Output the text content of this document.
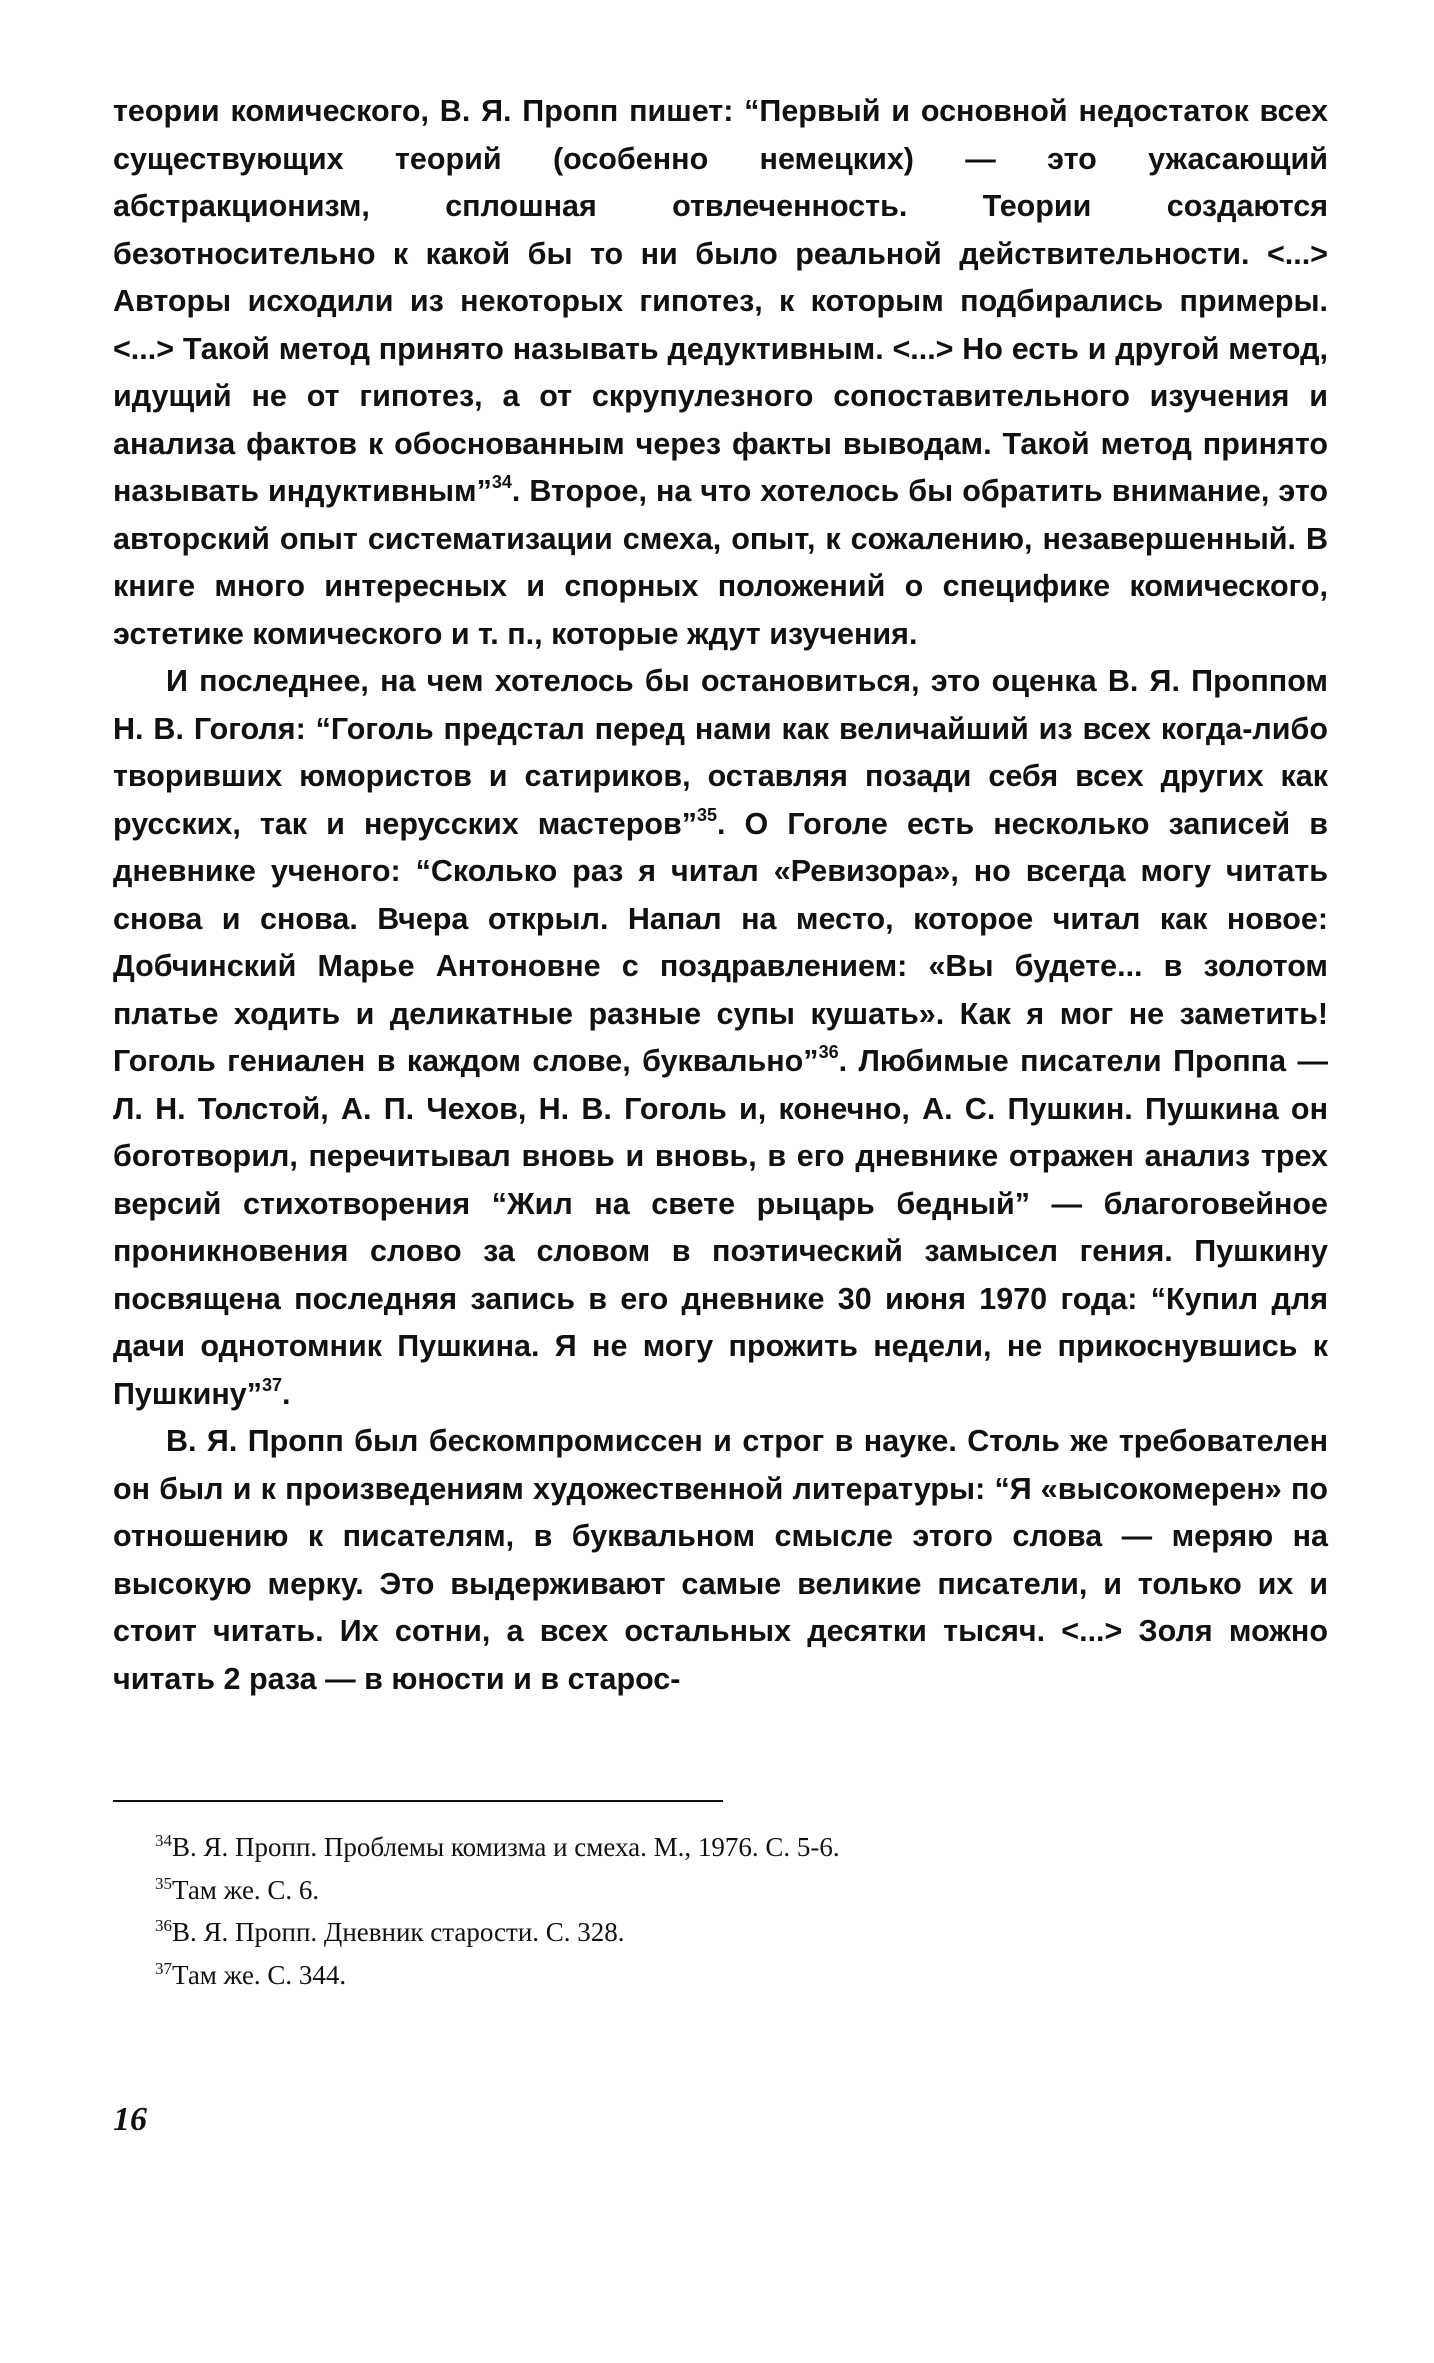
теории комического, В. Я. Пропп пишет: “Первый и основной недостаток всех существующих теорий (особенно немецких) — это ужасающий абстракционизм, сплошная отвлеченность. Теории создаются безотносительно к какой бы то ни было реальной действительности. <...> Авторы исходили из некоторых гипотез, к которым подбирались примеры. <...> Такой метод принято называть дедуктивным. <...> Но есть и другой метод, идущий не от гипотез, а от скрупулезного сопоставительного изучения и анализа фактов к обоснованным через факты выводам. Такой метод принято называть индуктивным”$^{34}$. Второе, на что хотелось бы обратить внимание, это авторский опыт систематизации смеха, опыт, к сожалению, незавершенный. В книге много интересных и спорных положений о специфике комического, эстетике комического и т. п., которые ждут изучения.

И последнее, на чем хотелось бы остановиться, это оценка В. Я. Проппом Н. В. Гоголя: “Гоголь предстал перед нами как величайший из всех когда-либо творивших юмористов и сатириков, оставляя позади себя всех других как русских, так и нерусских мастеров”$^{35}$. О Гоголе есть несколько записей в дневнике ученого: “Сколько раз я читал «Ревизора», но всегда могу читать снова и снова. Вчера открыл. Напал на место, которое читал как новое: Добчинский Марье Антоновне с поздравлением: «Вы будете... в золотом платье ходить и деликатные разные супы кушать». Как я мог не заметить! Гоголь гениален в каждом слове, буквально”$^{36}$. Любимые писатели Проппа — Л. Н. Толстой, А. П. Чехов, Н. В. Гоголь и, конечно, А. С. Пушкин. Пушкина он боготворил, перечитывал вновь и вновь, в его дневнике отражен анализ трех версий стихотворения “Жил на свете рыцарь бедный” — благоговейное проникновения слово за словом в поэтический замысел гения. Пушкину посвящена последняя запись в его дневнике 30 июня 1970 года: “Купил для дачи однотомник Пушкина. Я не могу прожить недели, не прикоснувшись к Пушкину”$^{37}$.

В. Я. Пропп был бескомпромиссен и строг в науке. Столь же требователен он был и к произведениям художественной литературы: “Я «высокомерен» по отношению к писателям, в буквальном смысле этого слова — меряю на высокую мерку. Это выдерживают самые великие писатели, и только их и стоит читать. Их сотни, а всех остальных десятки тысяч. <...> Золя можно читать 2 раза — в юности и в старос-

$^{34}$В. Я. Пропп. Проблемы комизма и смеха. М., 1976. С. 5-6.
$^{35}$Там же. С. 6.
$^{36}$В. Я. Пропп. Дневник старости. С. 328.
$^{37}$Там же. С. 344.
16
